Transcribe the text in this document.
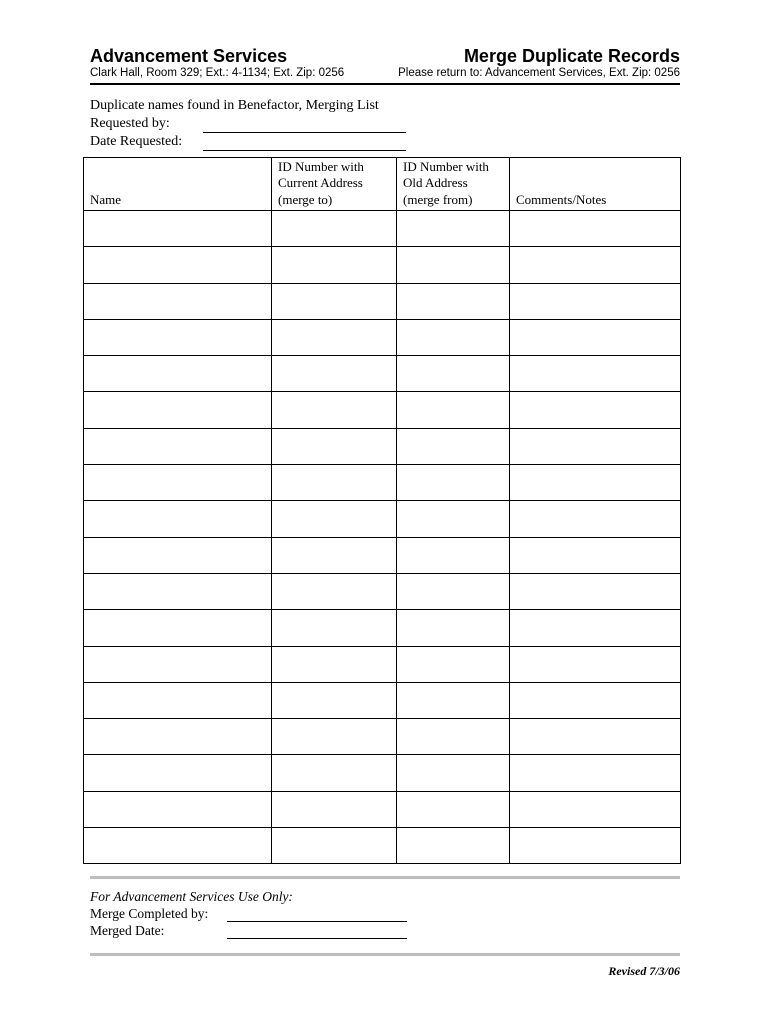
Advancement Services	Merge Duplicate Records
Clark Hall, Room 329; Ext.: 4-1134; Ext. Zip: 0256	Please return to: Advancement Services, Ext. Zip: 0256
Duplicate names found in Benefactor, Merging List
Requested by:
Date Requested:
Name	ID Number with
Current Address
(merge to)	ID Number with
Old Address
(merge from)	Comments/Notes

For Advancement Services Use Only:
Merge Completed by:
Merged Date:
Revised 7/3/06
